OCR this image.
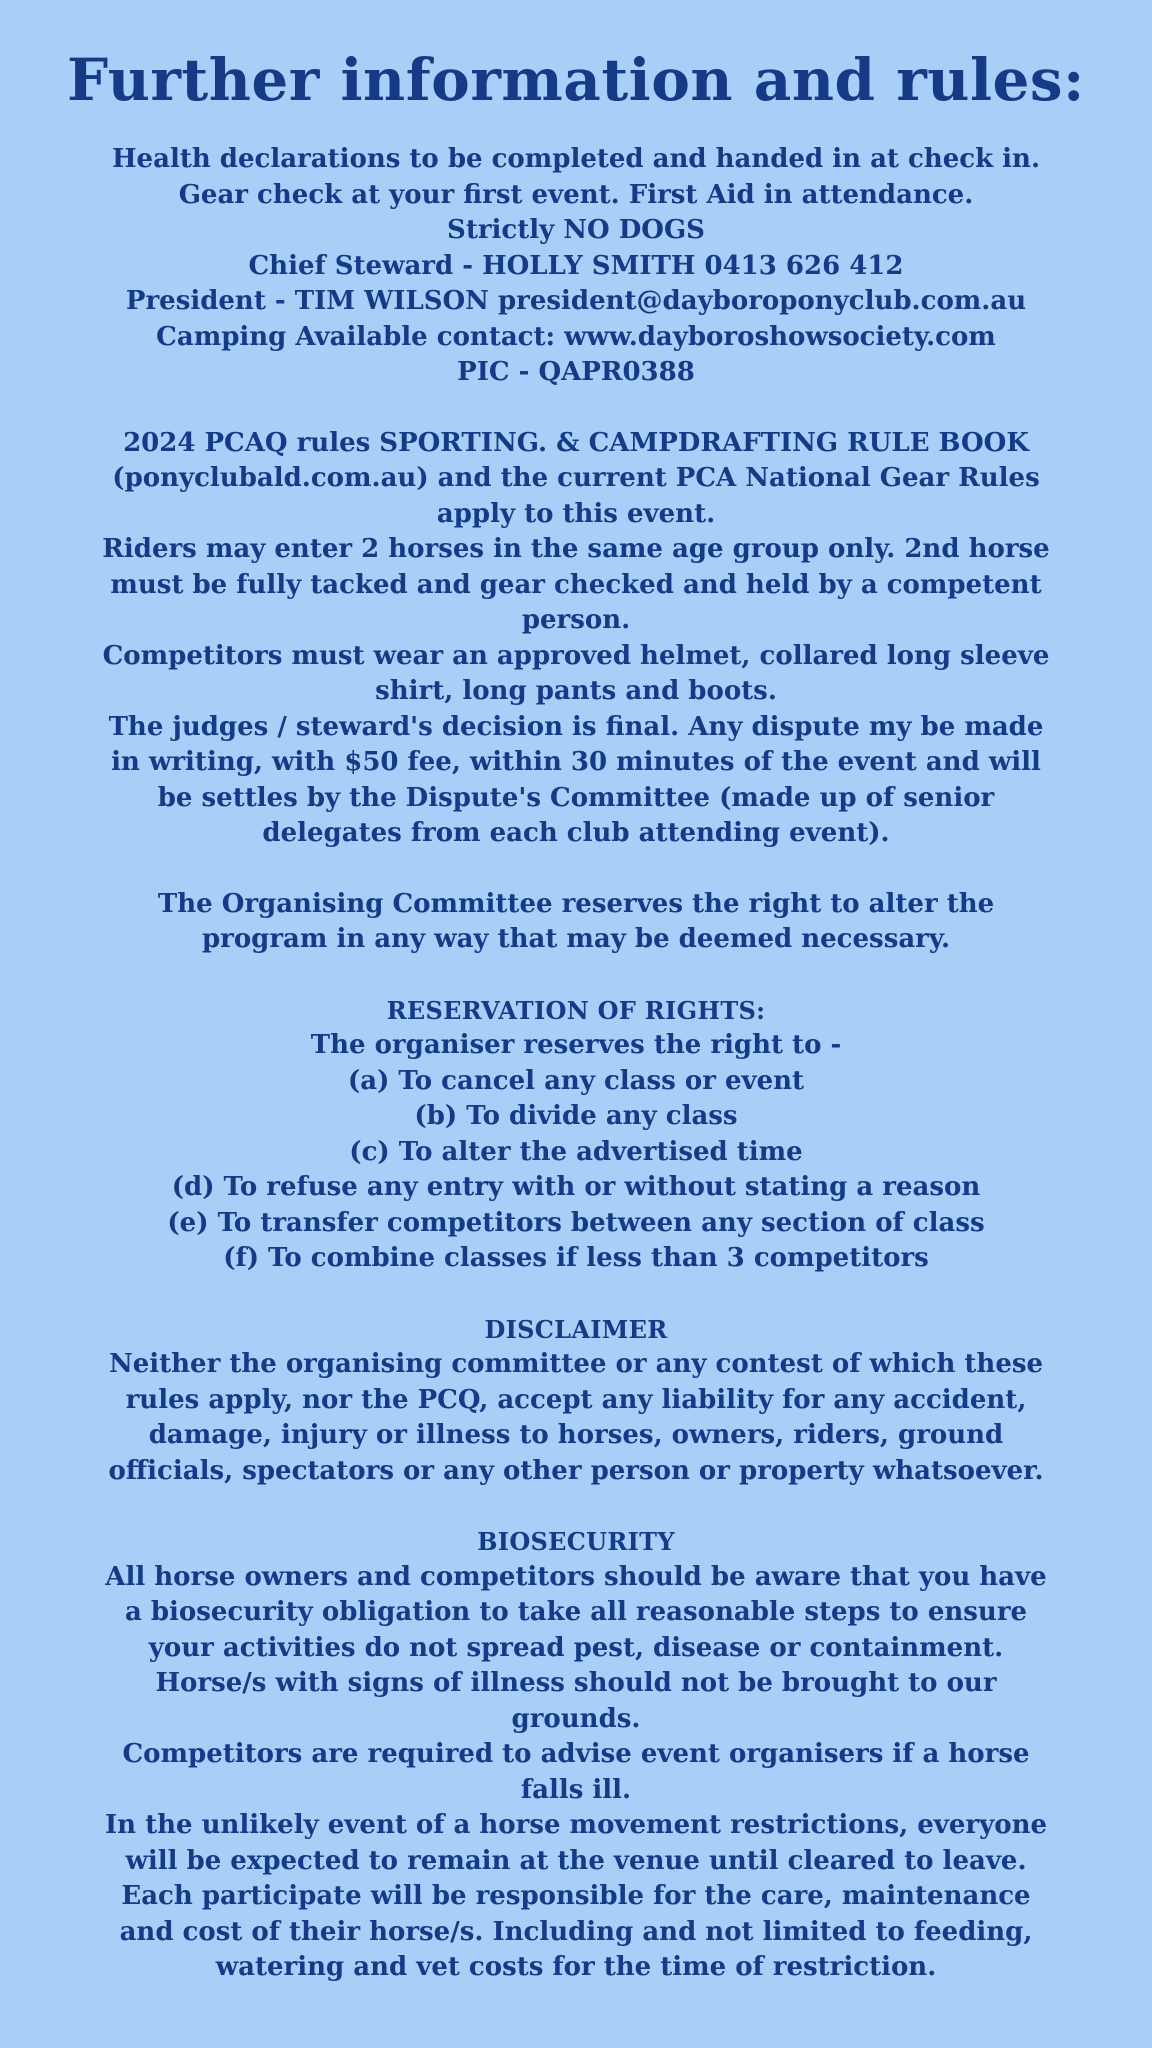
Further information and rules:
Health declarations to be completed and handed in at check in.
Gear check at your first event. First Aid in attendance.
Strictly NO DOGS
Chief Steward - HOLLY SMITH 0413 626 412
President - TIM WILSON president@dayboroponyclub.com.au
Camping Available contact: www.dayboroshowsociety.com
PIC - QAPR0388
2024 PCAQ rules SPORTING. & CAMPDRAFTING RULE BOOK
(ponyclubald.com.au) and the current PCA National Gear Rules
apply to this event.
Riders may enter 2 horses in the same age group only. 2nd horse
must be fully tacked and gear checked and held by a competent
person.
Competitors must wear an approved helmet, collared long sleeve
shirt, long pants and boots.
The judges / steward's decision is final. Any dispute my be made
in writing, with $50 fee, within 30 minutes of the event and will
be settles by the Dispute's Committee (made up of senior
delegates from each club attending event).
The Organising Committee reserves the right to alter the
program in any way that may be deemed necessary.
RESERVATION OF RIGHTS:
The organiser reserves the right to -
(a) To cancel any class or event
(b) To divide any class
(c) To alter the advertised time
(d) To refuse any entry with or without stating a reason
(e) To transfer competitors between any section of class
(f) To combine classes if less than 3 competitors
DISCLAIMER
Neither the organising committee or any contest of which these
rules apply, nor the PCQ, accept any liability for any accident,
damage, injury or illness to horses, owners, riders, ground
officials, spectators or any other person or property whatsoever.
BIOSECURITY
All horse owners and competitors should be aware that you have
a biosecurity obligation to take all reasonable steps to ensure
your activities do not spread pest, disease or containment.
Horse/s with signs of illness should not be brought to our
grounds.
Competitors are required to advise event organisers if a horse
falls ill.
In the unlikely event of a horse movement restrictions, everyone
will be expected to remain at the venue until cleared to leave.
Each participate will be responsible for the care, maintenance
and cost of their horse/s. Including and not limited to feeding,
watering and vet costs for the time of restriction.
